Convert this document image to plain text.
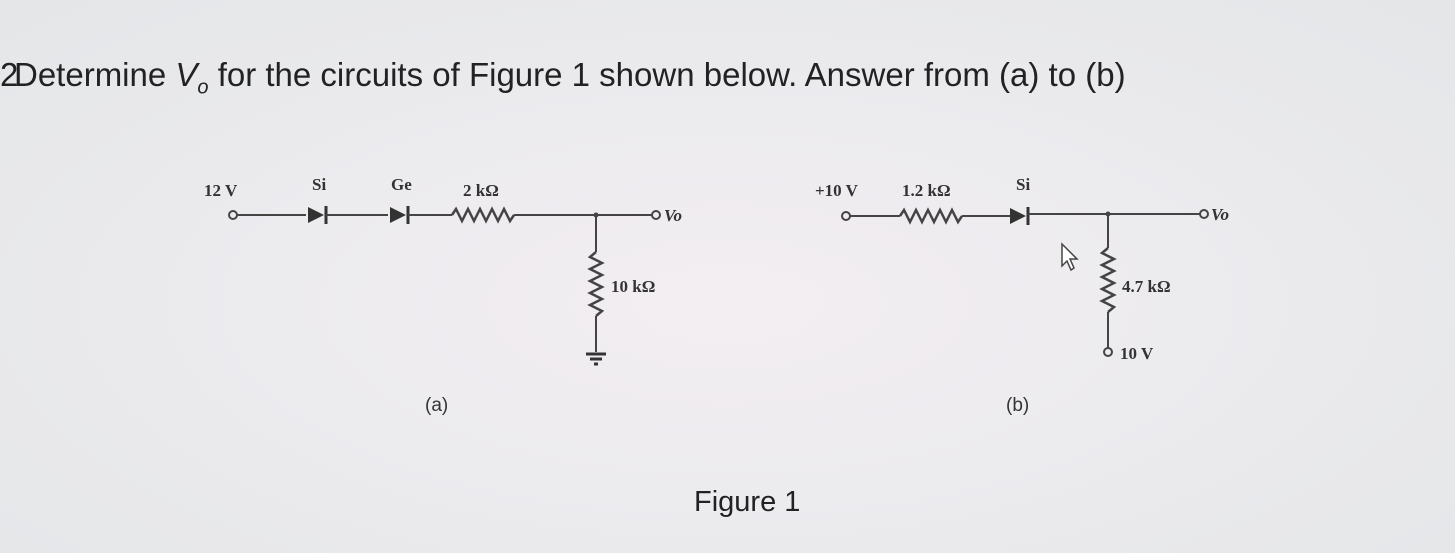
2Determine $V_o$ for the circuits of Figure 1 shown below. Answer from (a) to (b)
12 V	Si	Ge	2 kΩ
Vo
10 kΩ
(a)
+10 V	1.2 kΩ	Si
Vo
4.7 kΩ
10 V
(b)
Figure 1
